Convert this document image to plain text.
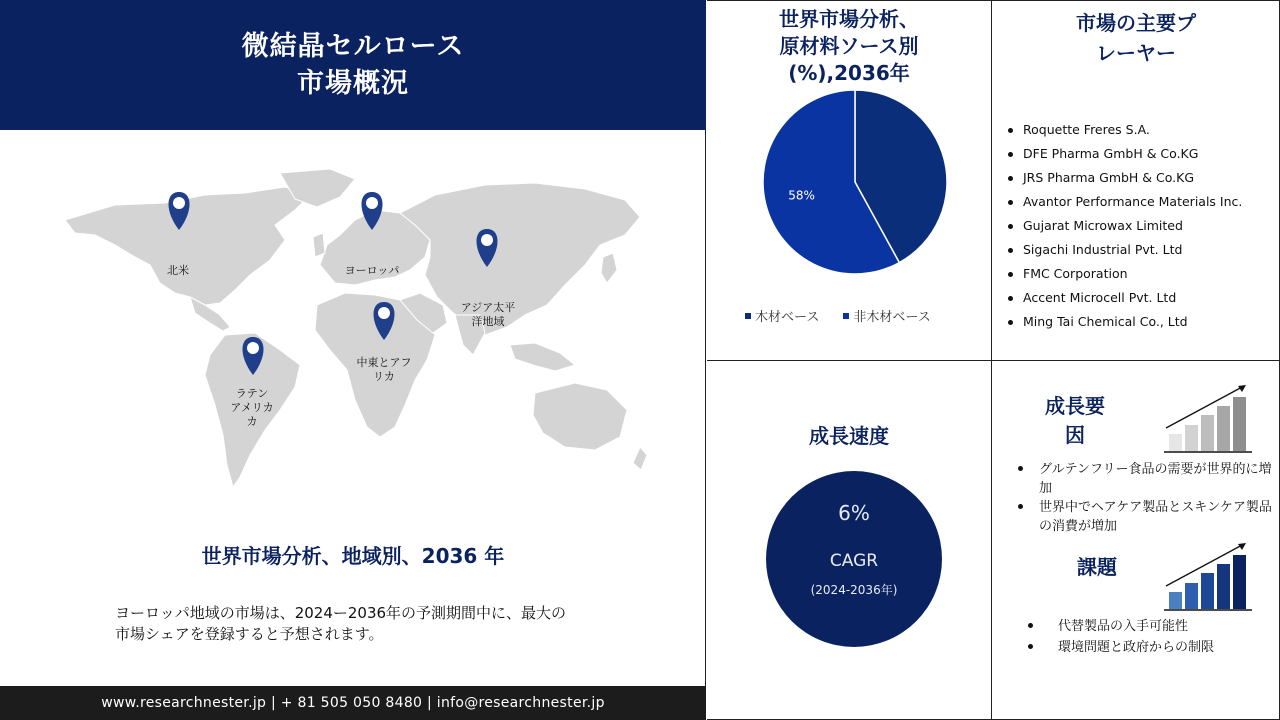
微結晶セルロース
市場概況
北米	ヨーロッパ
アジア太平
洋地域
中東とアフ
リカ
ラテン
アメリカ
カ
世界市場分析、地域別、2036 年
ヨーロッパ地域の市場は、2024ー2036年の予測期間中に、最大の
市場シェアを登録すると予想されます。
www.researchnester.jp | + 81 505 050 8480 | info@researchnester.jp
世界市場分析、
原材料ソース別
(%),2036年
58%
木材ベース	非木材ベース
市場の主要プ
レーヤー
Roquette Freres S.A.
DFE Pharma GmbH & Co.KG
JRS Pharma GmbH & Co.KG
Avantor Performance Materials Inc.
Gujarat Microwax Limited
Sigachi Industrial Pvt. Ltd
FMC Corporation
Accent Microcell Pvt. Ltd
Ming Tai Chemical Co., Ltd
成長速度
6%
CAGR
(2024-2036年)
成長要
因
グルテンフリー食品の需要が世界的に増加
世界中でヘアケア製品とスキンケア製品の消費が増加
課題
代替製品の入手可能性
環境問題と政府からの制限
